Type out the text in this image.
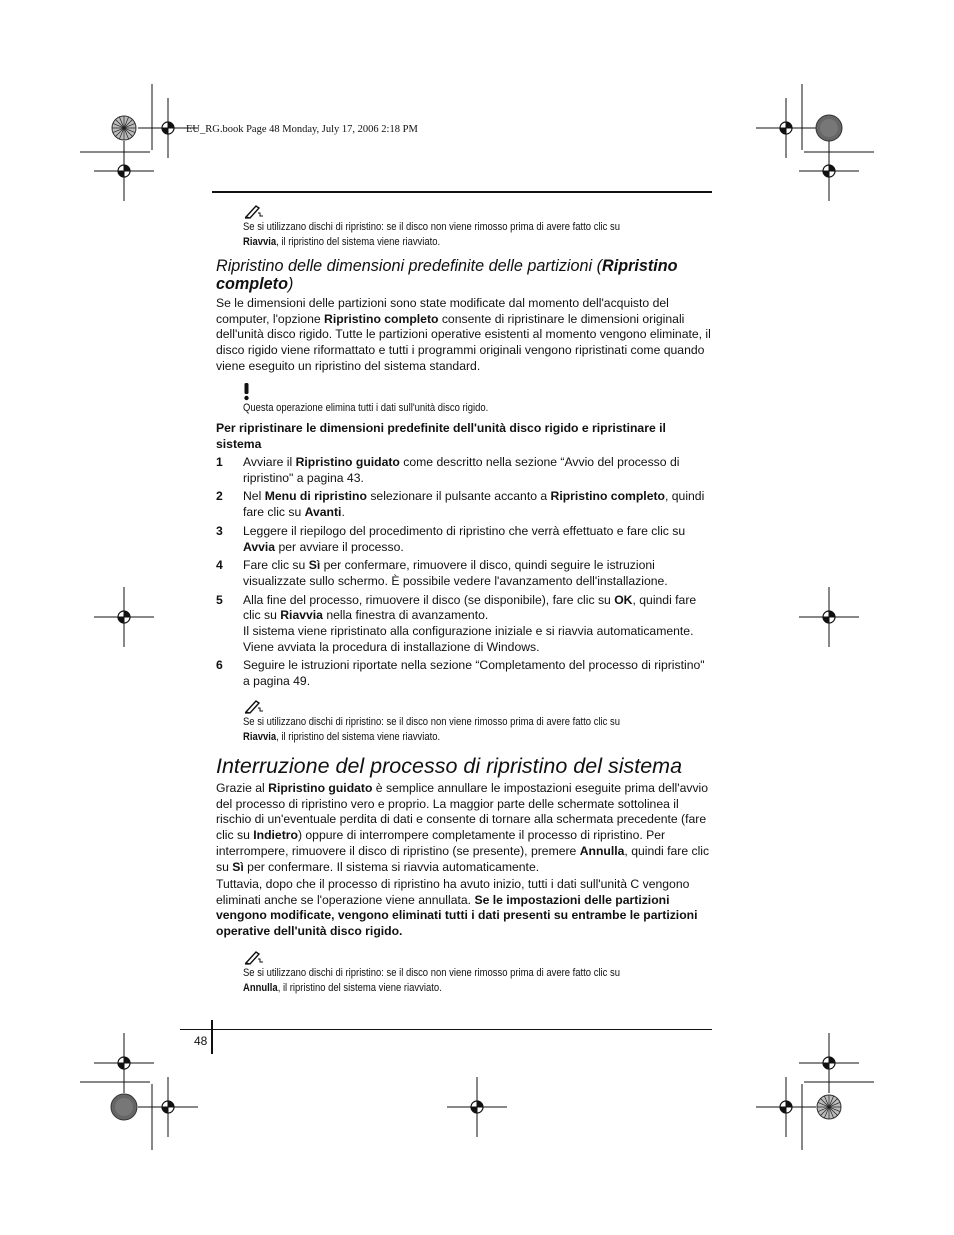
EU_RG.book Page 48 Monday, July 17, 2006 2:18 PM
Se si utilizzano dischi di ripristino: se il disco non viene rimosso prima di avere fatto clic su
Riavvia, il ripristino del sistema viene riavviato.
Ripristino delle dimensioni predefinite delle partizioni (Ripristino completo)
Se le dimensioni delle partizioni sono state modificate dal momento dell'acquisto del computer, l'opzione Ripristino completo consente di ripristinare le dimensioni originali dell'unità disco rigido. Tutte le partizioni operative esistenti al momento vengono eliminate, il disco rigido viene riformattato e tutti i programmi originali vengono ripristinati come quando viene eseguito un ripristino del sistema standard.
Questa operazione elimina tutti i dati sull'unità disco rigido.
Per ripristinare le dimensioni predefinite dell'unità disco rigido e ripristinare il sistema
1 Avviare il Ripristino guidato come descritto nella sezione “Avvio del processo di ripristino" a pagina 43.
2 Nel Menu di ripristino selezionare il pulsante accanto a Ripristino completo, quindi fare clic su Avanti.
3 Leggere il riepilogo del procedimento di ripristino che verrà effettuato e fare clic su Avvia per avviare il processo.
4 Fare clic su Sì per confermare, rimuovere il disco, quindi seguire le istruzioni visualizzate sullo schermo. È possibile vedere l'avanzamento dell'installazione.
5 Alla fine del processo, rimuovere il disco (se disponibile), fare clic su OK, quindi fare clic su Riavvia nella finestra di avanzamento.
Il sistema viene ripristinato alla configurazione iniziale e si riavvia automaticamente. Viene avviata la procedura di installazione di Windows.
6 Seguire le istruzioni riportate nella sezione “Completamento del processo di ripristino" a pagina 49.
Se si utilizzano dischi di ripristino: se il disco non viene rimosso prima di avere fatto clic su
Riavvia, il ripristino del sistema viene riavviato.
Interruzione del processo di ripristino del sistema
Grazie al Ripristino guidato è semplice annullare le impostazioni eseguite prima dell'avvio del processo di ripristino vero e proprio. La maggior parte delle schermate sottolinea il rischio di un'eventuale perdita di dati e consente di tornare alla schermata precedente (fare clic su Indietro) oppure di interrompere completamente il processo di ripristino. Per interrompere, rimuovere il disco di ripristino (se presente), premere Annulla, quindi fare clic su Sì per confermare. Il sistema si riavvia automaticamente.
Tuttavia, dopo che il processo di ripristino ha avuto inizio, tutti i dati sull'unità C vengono eliminati anche se l'operazione viene annullata. Se le impostazioni delle partizioni vengono modificate, vengono eliminati tutti i dati presenti su entrambe le partizioni operative dell'unità disco rigido.
Se si utilizzano dischi di ripristino: se il disco non viene rimosso prima di avere fatto clic su
Annulla, il ripristino del sistema viene riavviato.
48
